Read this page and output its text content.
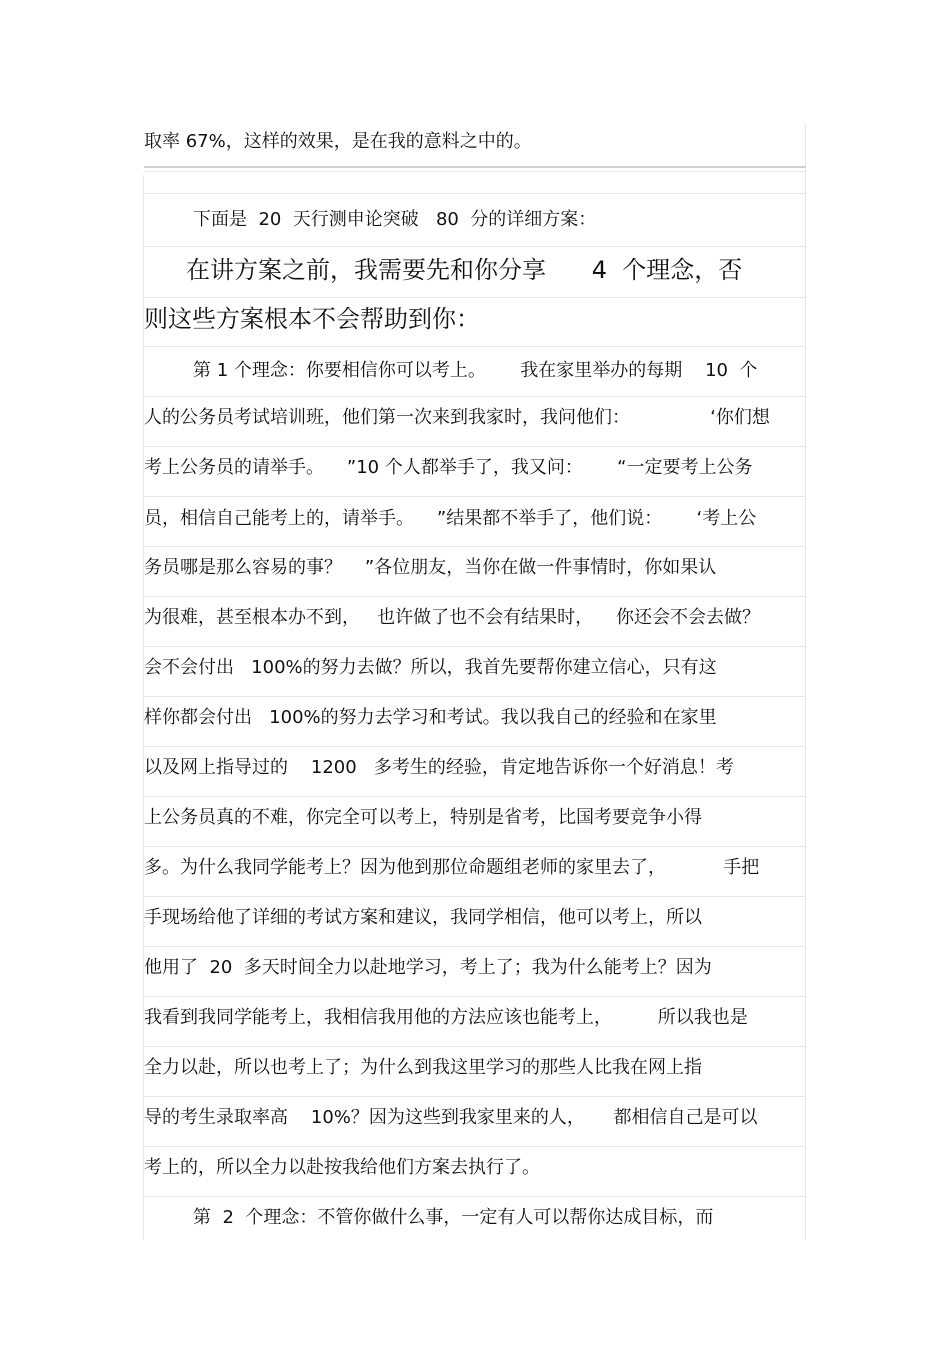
取率 67%，这样的效果，是在我的意料之中的。
下面是  20  天行测申论突破   80  分的详细方案：
在讲方案之前，我需要先和你分享      4  个理念，否
则这些方案根本不会帮助到你：
第 1 个理念：你要相信你可以考上。      我在家里举办的每期    10  个
人的公务员考试培训班，他们第一次来到我家时，我问他们：              ‘你们想
考上公务员的请举手。    ”10 个人都举手了，我又问：      “一定要考上公务
员，相信自己能考上的，请举手。    ”结果都不举手了，他们说：      ‘考上公
务员哪是那么容易的事？    ”各位朋友，当你在做一件事情时，你如果认
为很难，甚至根本办不到，   也许做了也不会有结果时，    你还会不会去做？
会不会付出   100%的努力去做？所以，我首先要帮你建立信心，只有这
样你都会付出   100%的努力去学习和考试。我以我自己的经验和在家里
以及网上指导过的    1200   多考生的经验，肯定地告诉你一个好消息！考
上公务员真的不难，你完全可以考上，特别是省考，比国考要竞争小得
多。为什么我同学能考上？因为他到那位命题组老师的家里去了，          手把
手现场给他了详细的考试方案和建议，我同学相信，他可以考上，所以
他用了  20  多天时间全力以赴地学习，考上了；我为什么能考上？因为
我看到我同学能考上，我相信我用他的方法应该也能考上，        所以我也是
全力以赴，所以也考上了；为什么到我这里学习的那些人比我在网上指
导的考生录取率高    10%？因为这些到我家里来的人，     都相信自己是可以
考上的，所以全力以赴按我给他们方案去执行了。
第  2  个理念：不管你做什么事，一定有人可以帮你达成目标，而
